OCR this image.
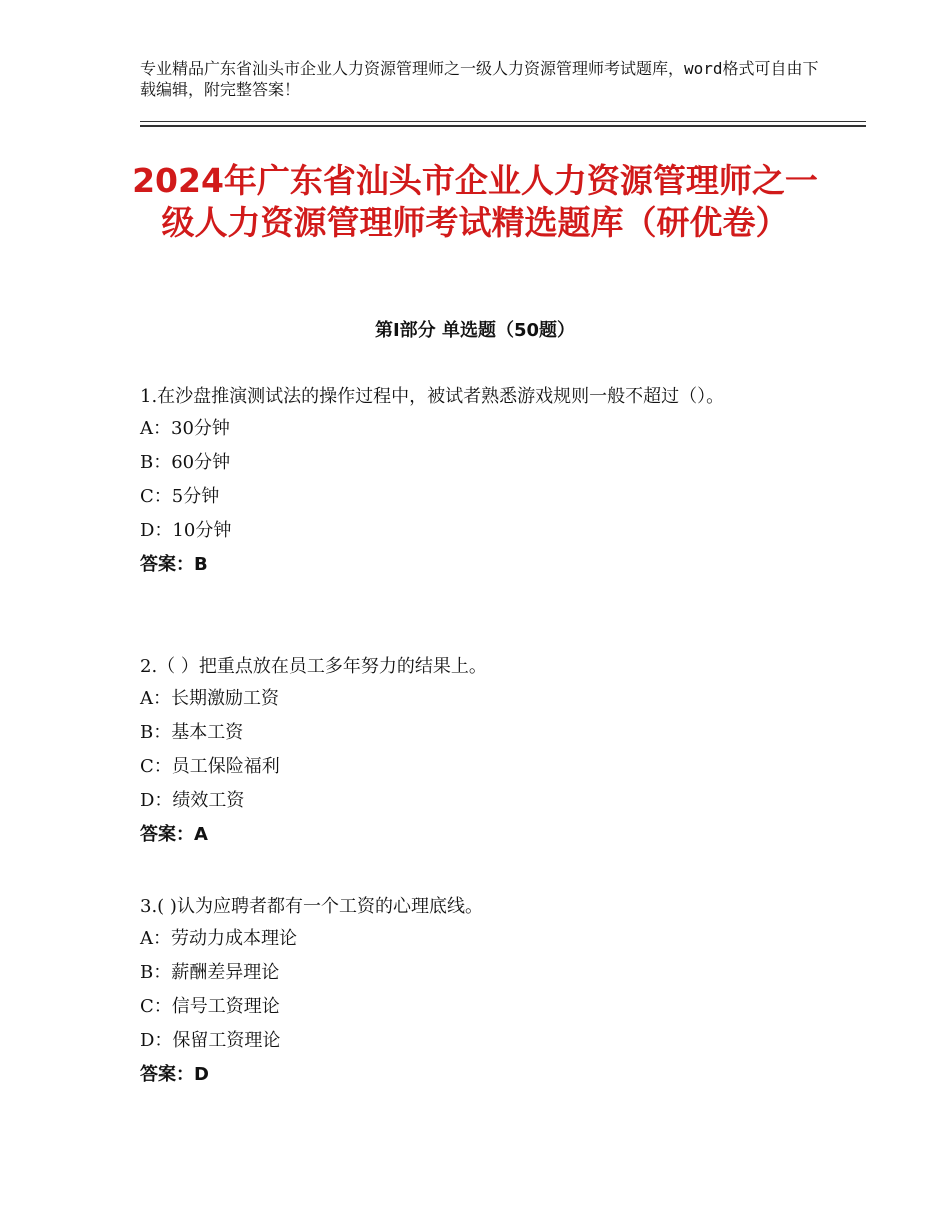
专业精品广东省汕头市企业人力资源管理师之一级人力资源管理师考试题库，word格式可自由下载编辑，附完整答案！
2024年广东省汕头市企业人力资源管理师之一级人力资源管理师考试精选题库（研优卷）
第Ⅰ部分 单选题（50题）

1.在沙盘推演测试法的操作过程中，被试者熟悉游戏规则一般不超过（）。

A：30分钟

B：60分钟

C：5分钟

D：10分钟

答案：B

2.（ ）把重点放在员工多年努力的结果上。

A：长期激励工资

B：基本工资

C：员工保险福利

D：绩效工资

答案：A

3.( )认为应聘者都有一个工资的心理底线。

A：劳动力成本理论

B：薪酬差异理论

C：信号工资理论

D：保留工资理论

答案：D
